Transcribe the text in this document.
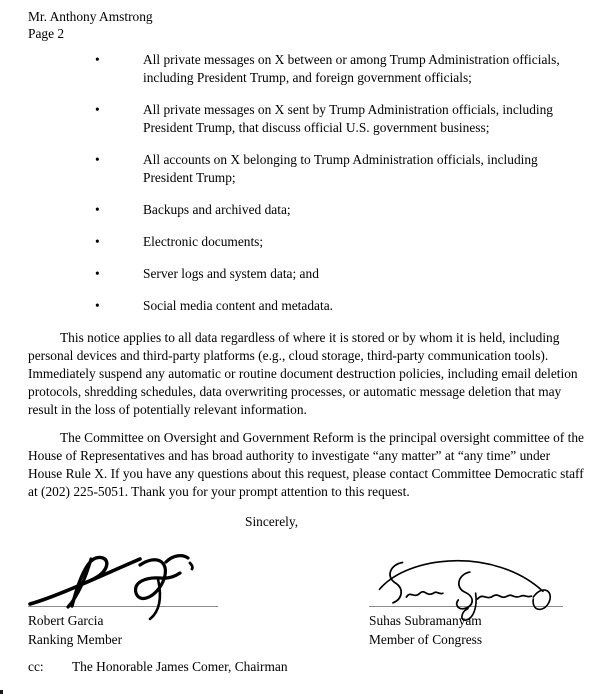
Mr. Anthony Amstrong
Page 2
•	All private messages on X between or among Trump Administration officials, including President Trump, and foreign government officials;
•	All private messages on X sent by Trump Administration officials, including President Trump, that discuss official U.S. government business;
•	All accounts on X belonging to Trump Administration officials, including President Trump;
•	Backups and archived data;
•	Electronic documents;
•	Server logs and system data; and
•	Social media content and metadata.

This notice applies to all data regardless of where it is stored or by whom it is held, including personal devices and third-party platforms (e.g., cloud storage, third-party communication tools). Immediately suspend any automatic or routine document destruction policies, including email deletion protocols, shredding schedules, data overwriting processes, or automatic message deletion that may result in the loss of potentially relevant information.

The Committee on Oversight and Government Reform is the principal oversight committee of the House of Representatives and has broad authority to investigate “any matter” at “any time” under House Rule X. If you have any questions about this request, please contact Committee Democratic staff at (202) 225-5051. Thank you for your prompt attention to this request.

Sincerely,
Robert Garcia
Ranking Member
Suhas Subramanyam
Member of Congress
cc:	The Honorable James Comer, Chairman
